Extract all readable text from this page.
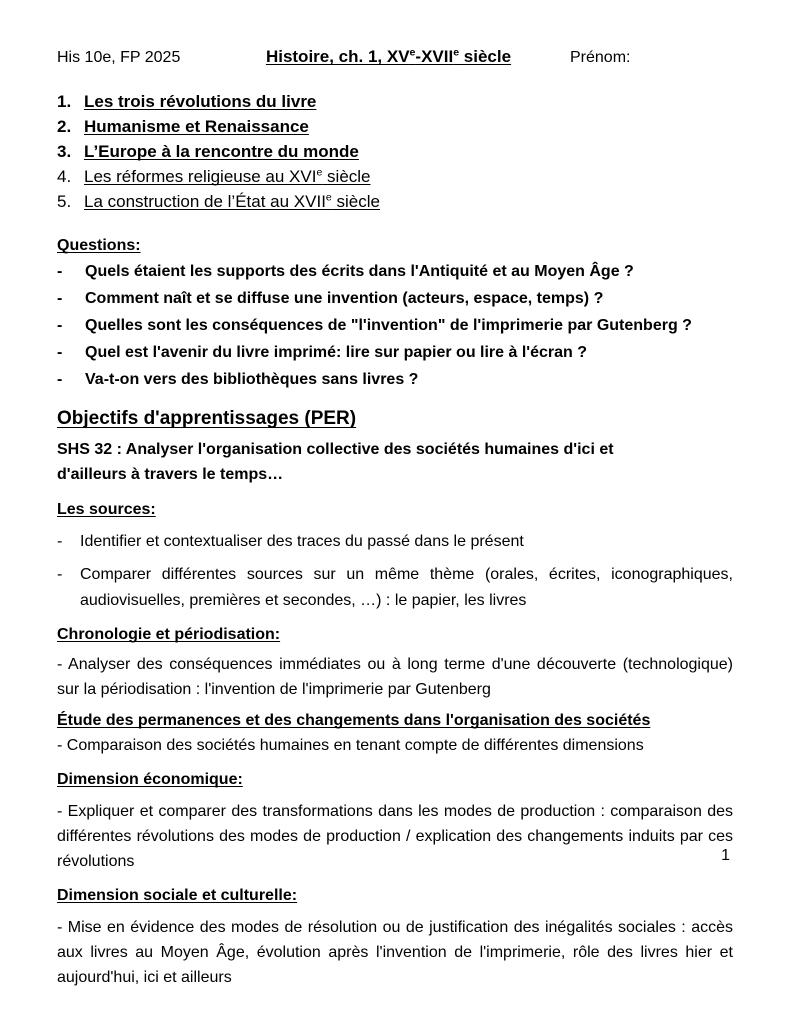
His 10e, FP 2025	Histoire, ch. 1, XVe-XVIIe siècle	Prénom:
1. Les trois révolutions du livre
2. Humanisme et Renaissance
3. L’Europe à la rencontre du monde
4. Les réformes religieuse au XVIe siècle
5. La construction de l’État au XVIIe siècle
Questions:
-	Quels étaient les supports des écrits dans l'Antiquité et au Moyen Âge ?
-	Comment naît et se diffuse une invention (acteurs, espace, temps) ?
-	Quelles sont les conséquences de "l'invention" de l'imprimerie par Gutenberg ?
-	Quel est l'avenir du livre imprimé: lire sur papier ou lire à l'écran ?
-	Va-t-on vers des bibliothèques sans livres ?
Objectifs d'apprentissages (PER)
SHS 32 : Analyser l'organisation collective des sociétés humaines d'ici et d'ailleurs à travers le temps…
Les sources:
-	Identifier et contextualiser des traces du passé dans le présent
-	Comparer différentes sources sur un même thème (orales, écrites, iconographiques, audiovisuelles, premières et secondes, …) : le papier, les livres
Chronologie et périodisation:
- Analyser des conséquences immédiates ou à long terme d'une découverte (technologique) sur la périodisation : l'invention de l'imprimerie par Gutenberg
Étude des permanences et des changements dans l'organisation des sociétés
- Comparaison des sociétés humaines en tenant compte de différentes dimensions
Dimension économique:
- Expliquer et comparer des transformations dans les modes de production : comparaison des différentes révolutions des modes de production / explication des changements induits par ces révolutions
Dimension sociale et culturelle:
- Mise en évidence des modes de résolution ou de justification des inégalités sociales : accès aux livres au Moyen Âge, évolution après l'invention de l'imprimerie, rôle des livres hier et aujourd'hui, ici et ailleurs
1
